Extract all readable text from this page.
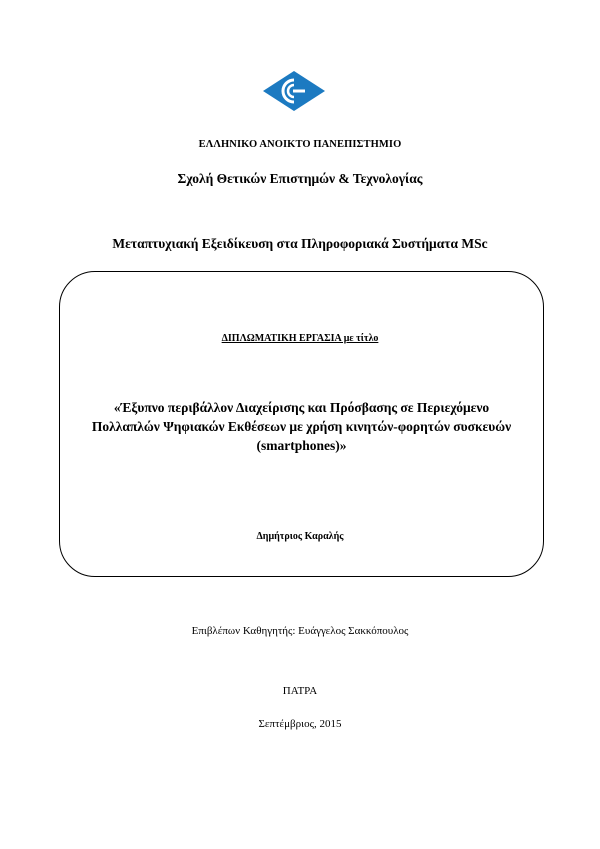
ΕΛΛΗΝΙΚΟ ΑΝΟΙΚΤΟ ΠΑΝΕΠΙΣΤΗΜΙΟ
Σχολή Θετικών Επιστημών & Τεχνολογίας
Μεταπτυχιακή Εξειδίκευση στα Πληροφοριακά Συστήματα MSc
ΔΙΠΛΩΜΑΤΙΚΗ ΕΡΓΑΣΙΑ με τίτλο
«Έξυπνο περιβάλλον Διαχείρισης και Πρόσβασης σε Περιεχόμενο
Πολλαπλών Ψηφιακών Εκθέσεων με χρήση κινητών-φορητών συσκευών
(smartphones)»
Δημήτριος Καραλής
Επιβλέπων Καθηγητής: Ευάγγελος Σακκόπουλος
ΠΑΤΡΑ
Σεπτέμβριος, 2015
